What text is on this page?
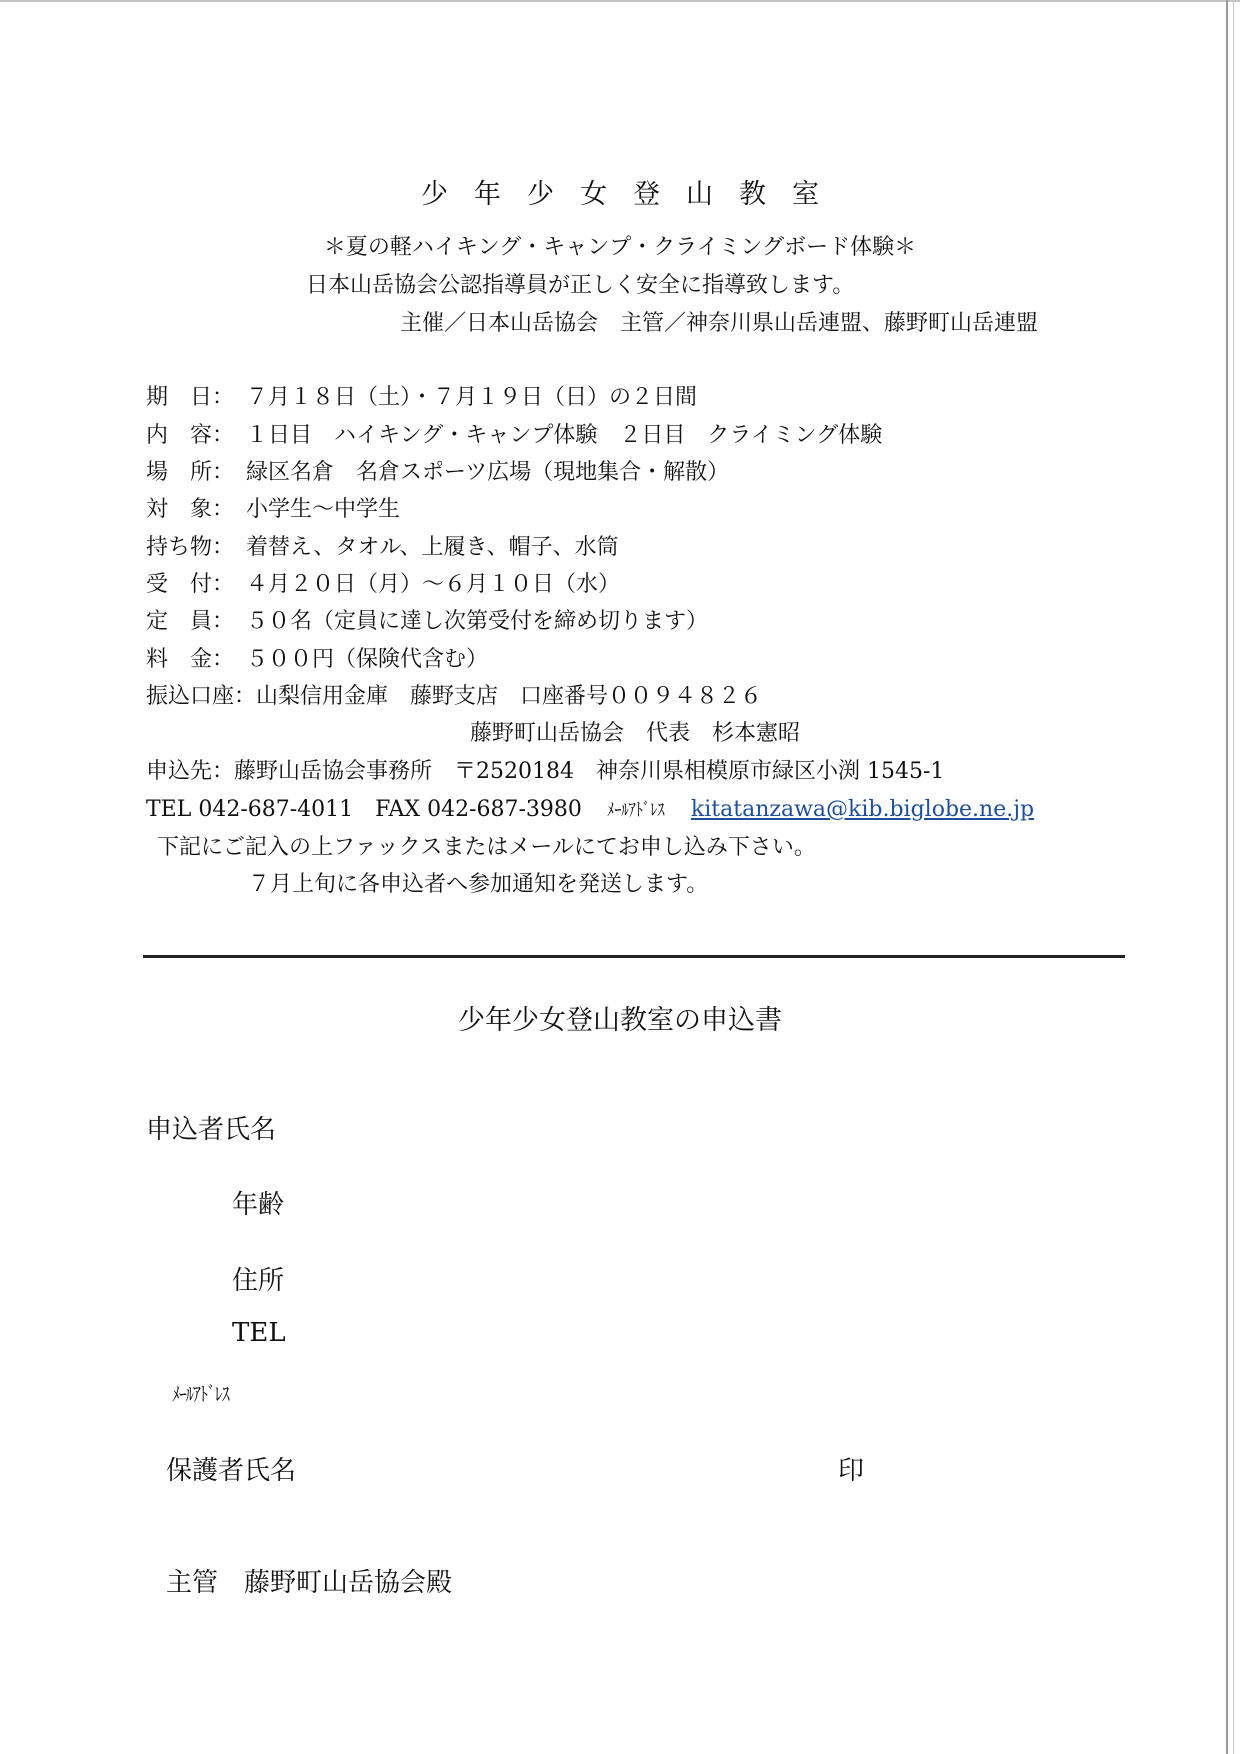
少年少女登山教室
＊夏の軽ハイキング・キャンプ・クライミングボード体験＊
日本山岳協会公認指導員が正しく安全に指導致します。
主催／日本山岳協会　主管／神奈川県山岳連盟、藤野町山岳連盟
期　日： ７月１８日（土）・７月１９日（日）の２日間
内　容： １日目　ハイキング・キャンプ体験　２日目　クライミング体験
場　所： 緑区名倉　名倉スポーツ広場（現地集合・解散）
対　象： 小学生～中学生
持ち物： 着替え、タオル、上履き、帽子、水筒
受　付： ４月２０日（月）～６月１０日（水）
定　員： ５０名（定員に達し次第受付を締め切ります）
料　金： ５００円（保険代含む）
振込口座：山梨信用金庫　藤野支店　口座番号００９４８２６
藤野町山岳協会　代表　杉本憲昭
申込先：藤野山岳協会事務所　〒2520184　神奈川県相模原市緑区小渕 1545-1
TEL 042-687-4011　FAX 042-687-3980 ﾒｰﾙｱﾄﾞﾚｽ kitatanzawa@kib.biglobe.ne.jp
下記にご記入の上ファックスまたはメールにてお申し込み下さい。
７月上旬に各申込者へ参加通知を発送します。
少年少女登山教室の申込書
申込者氏名
年齢
住所
TEL
ﾒｰﾙｱﾄﾞﾚｽ
保護者氏名	印
主管　藤野町山岳協会殿
